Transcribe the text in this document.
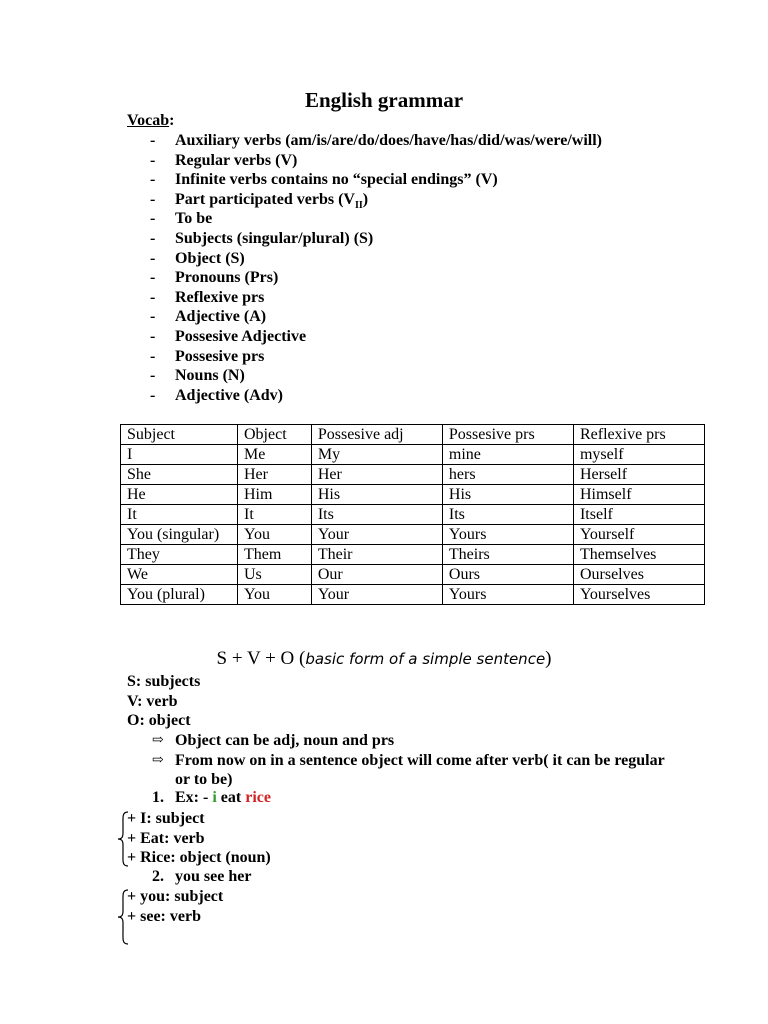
English grammar
Vocab:
- Auxiliary verbs (am/is/are/do/does/have/has/did/was/were/will)
- Regular verbs (V)
- Infinite verbs contains no “special endings” (V)
- Part participated verbs $(V_{II})$
- To be
- Subjects (singular/plural) (S)
- Object (S)
- Pronouns (Prs)
- Reflexive prs
- Adjective (A)
- Possesive Adjective
- Possesive prs
- Nouns (N)
- Adjective (Adv)
Subject	Object	Possesive adj	Possesive prs	Reflexive prs
I	Me	My	mine	myself
She	Her	Her	hers	Herself
He	Him	His	His	Himself
It	It	Its	Its	Itself
You (singular)	You	Your	Yours	Yourself
They	Them	Their	Theirs	Themselves
We	Us	Our	Ours	Ourselves
You (plural)	You	Your	Yours	Yourselves
S + V + O (basic form of a simple sentence)
S: subjects
V: verb
O: object
⇨ Object can be adj, noun and prs
⇨ From now on in a sentence object will come after verb( it can be regular or to be)
1. Ex: - i eat rice
+ I: subject
+ Eat: verb
+ Rice: object (noun)
2. you see her
+ you: subject
+ see: verb
